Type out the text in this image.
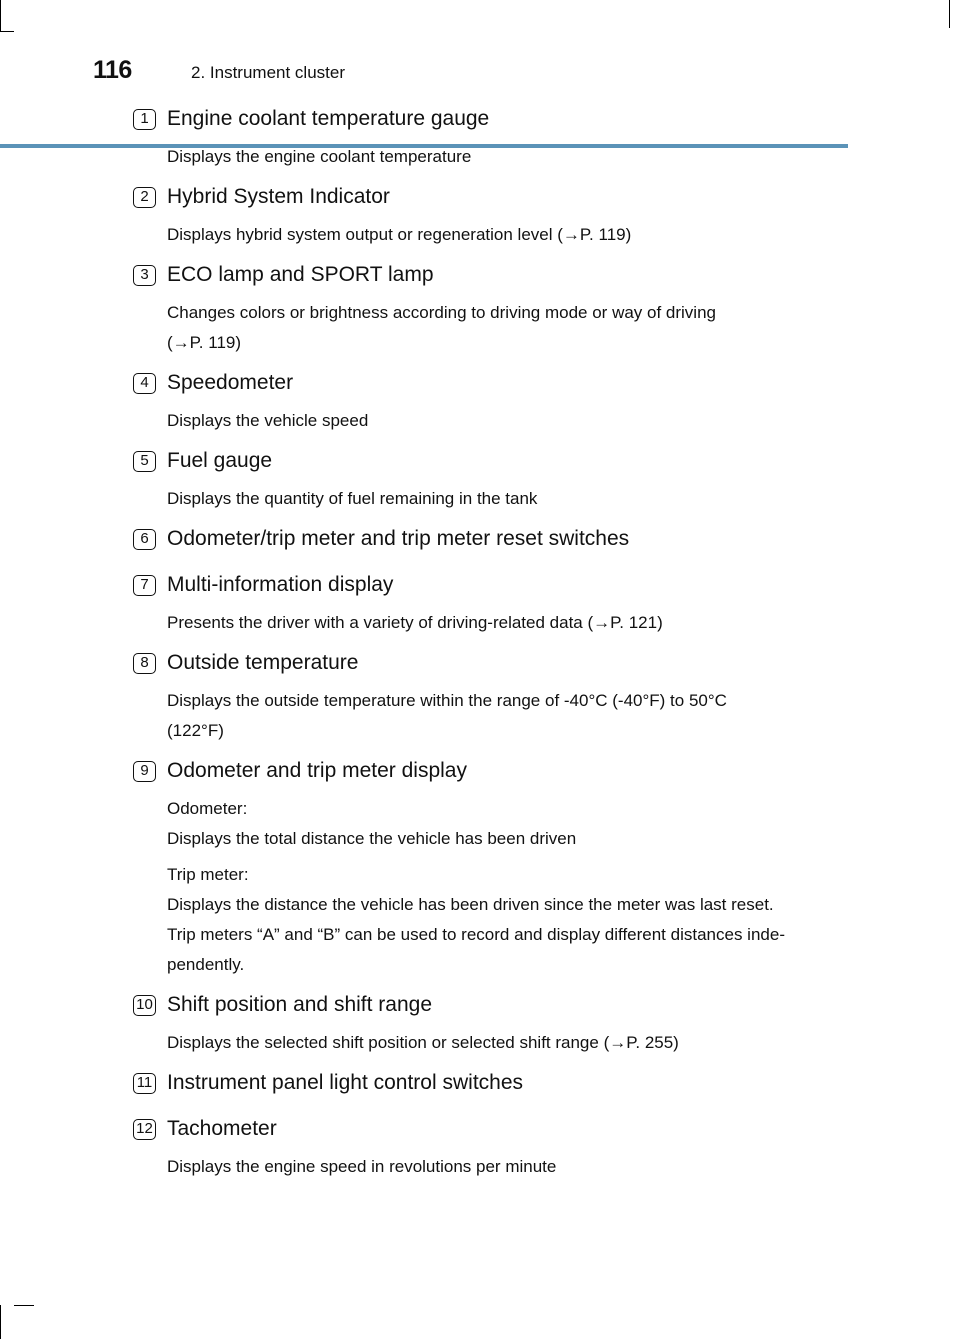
116	2. Instrument cluster
1 Engine coolant temperature gauge
Displays the engine coolant temperature
2 Hybrid System Indicator
Displays hybrid system output or regeneration level (→P. 119)
3 ECO lamp and SPORT lamp
Changes colors or brightness according to driving mode or way of driving
(→P. 119)
4 Speedometer
Displays the vehicle speed
5 Fuel gauge
Displays the quantity of fuel remaining in the tank
6 Odometer/trip meter and trip meter reset switches
7 Multi-information display
Presents the driver with a variety of driving-related data (→P. 121)
8 Outside temperature
Displays the outside temperature within the range of -40°C (-40°F) to 50°C
(122°F)
9 Odometer and trip meter display
Odometer:
Displays the total distance the vehicle has been driven
Trip meter:
Displays the distance the vehicle has been driven since the meter was last reset.
Trip meters “A” and “B” can be used to record and display different distances inde-
pendently.
10 Shift position and shift range
Displays the selected shift position or selected shift range (→P. 255)
11 Instrument panel light control switches
12 Tachometer
Displays the engine speed in revolutions per minute
